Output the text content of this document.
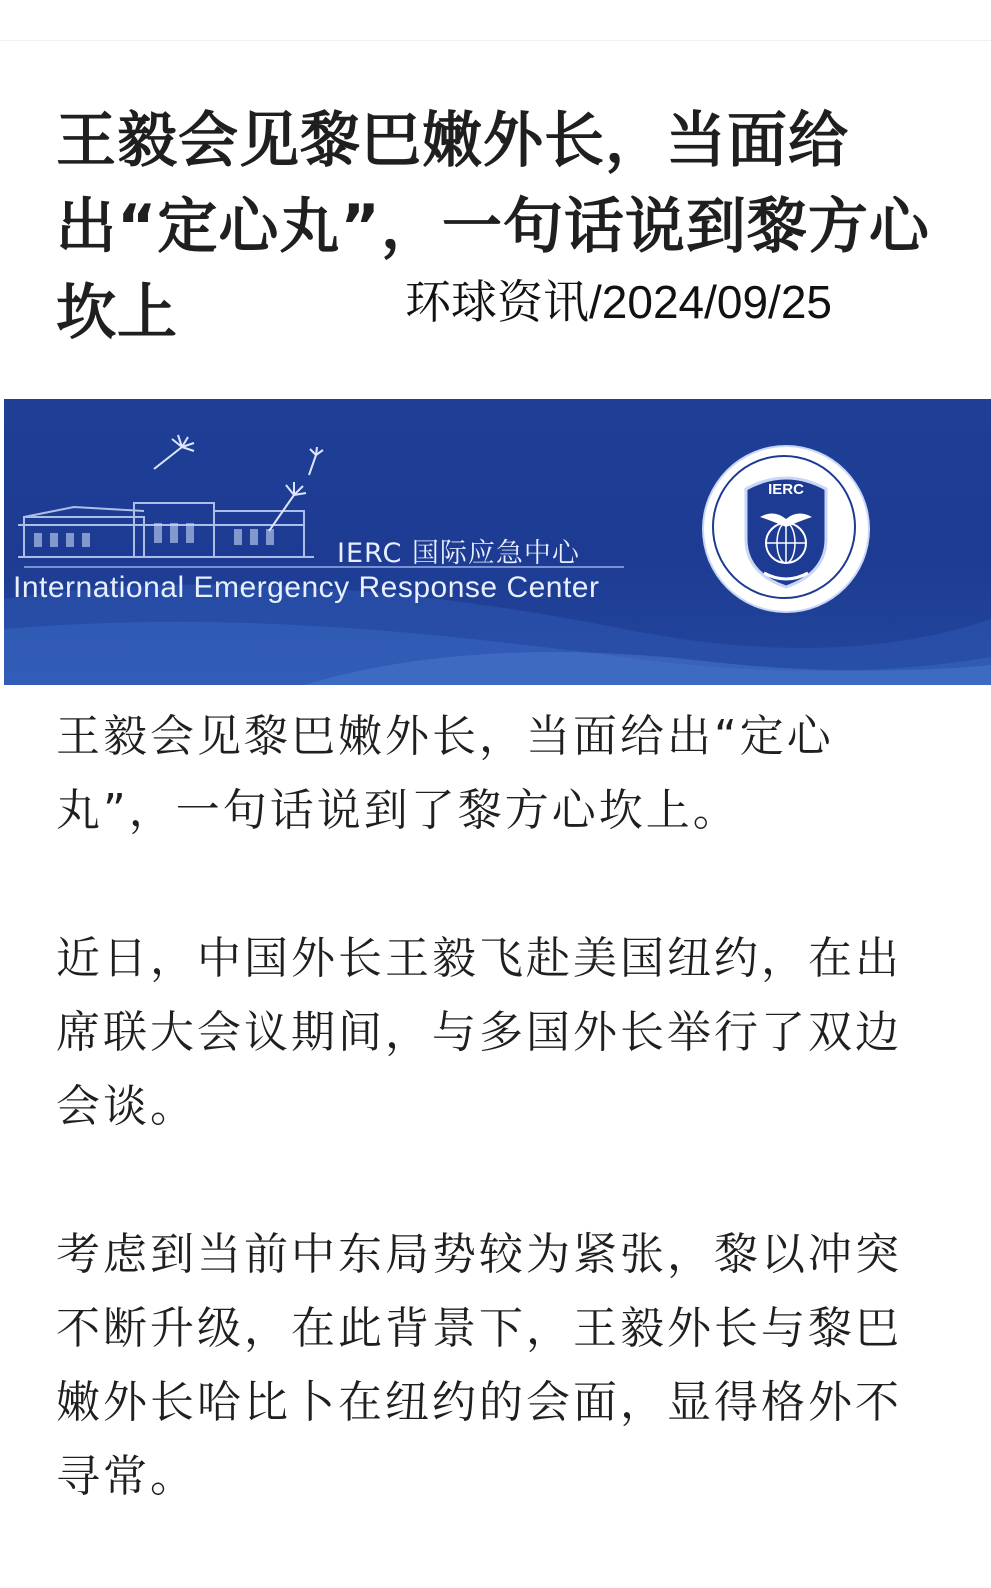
王毅会见黎巴嫩外长，当面给出“定心丸”，一句话说到黎方心坎上	环球资讯/2024/09/25
IERC 国际应急中心
International Emergency Response Center
IERC

王毅会见黎巴嫩外长，当面给出“定心丸”，一句话说到了黎方心坎上。

近日，中国外长王毅飞赴美国纽约，在出席联大会议期间，与多国外长举行了双边会谈。

考虑到当前中东局势较为紧张，黎以冲突不断升级，在此背景下，王毅外长与黎巴嫩外长哈比卜在纽约的会面，显得格外不寻常。
